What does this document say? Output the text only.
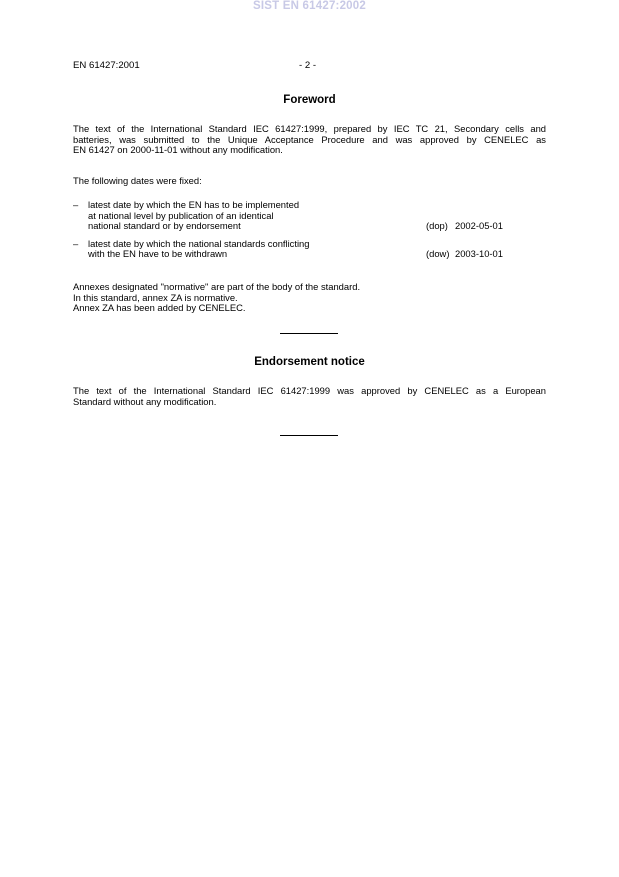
SIST EN 61427:2002
EN 61427:2001	- 2 -
Foreword
The text of the International Standard IEC 61427:1999, prepared by IEC TC 21, Secondary cells and
batteries, was submitted to the Unique Acceptance Procedure and was approved by CENELEC as
EN 61427 on 2000-11-01 without any modification.
The following dates were fixed:
– latest date by which the EN has to be implemented
at national level by publication of an identical
national standard or by endorsement	(dop) 2002-05-01
– latest date by which the national standards conflicting
with the EN have to be withdrawn	(dow) 2003-10-01
Annexes designated "normative" are part of the body of the standard.
In this standard, annex ZA is normative.
Annex ZA has been added by CENELEC.
Endorsement notice
The text of the International Standard IEC 61427:1999 was approved by CENELEC as a European
Standard without any modification.
